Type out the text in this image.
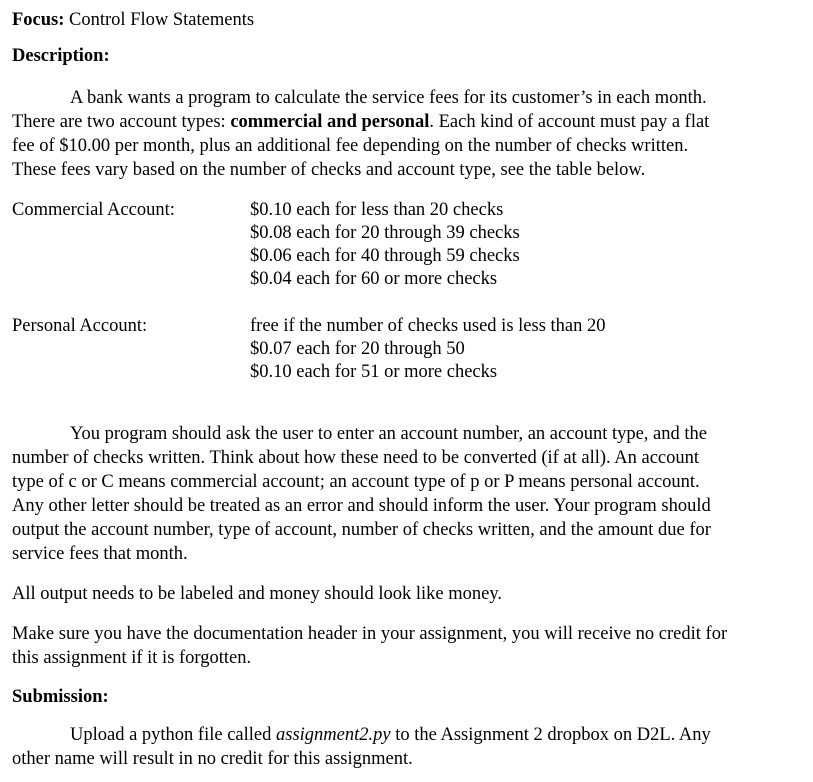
Focus: Control Flow Statements
Description:
A bank wants a program to calculate the service fees for its customer’s in each month.
There are two account types: commercial and personal. Each kind of account must pay a flat
fee of $10.00 per month, plus an additional fee depending on the number of checks written.
These fees vary based on the number of checks and account type, see the table below.
Commercial Account:	$0.10 each for less than 20 checks
$0.08 each for 20 through 39 checks
$0.06 each for 40 through 59 checks
$0.04 each for 60 or more checks
Personal Account:	free if the number of checks used is less than 20
$0.07 each for 20 through 50
$0.10 each for 51 or more checks
You program should ask the user to enter an account number, an account type, and the
number of checks written. Think about how these need to be converted (if at all). An account
type of c or C means commercial account; an account type of p or P means personal account.
Any other letter should be treated as an error and should inform the user. Your program should
output the account number, type of account, number of checks written, and the amount due for
service fees that month.
All output needs to be labeled and money should look like money.
Make sure you have the documentation header in your assignment, you will receive no credit for
this assignment if it is forgotten.
Submission:
Upload a python file called assignment2.py to the Assignment 2 dropbox on D2L. Any
other name will result in no credit for this assignment.
